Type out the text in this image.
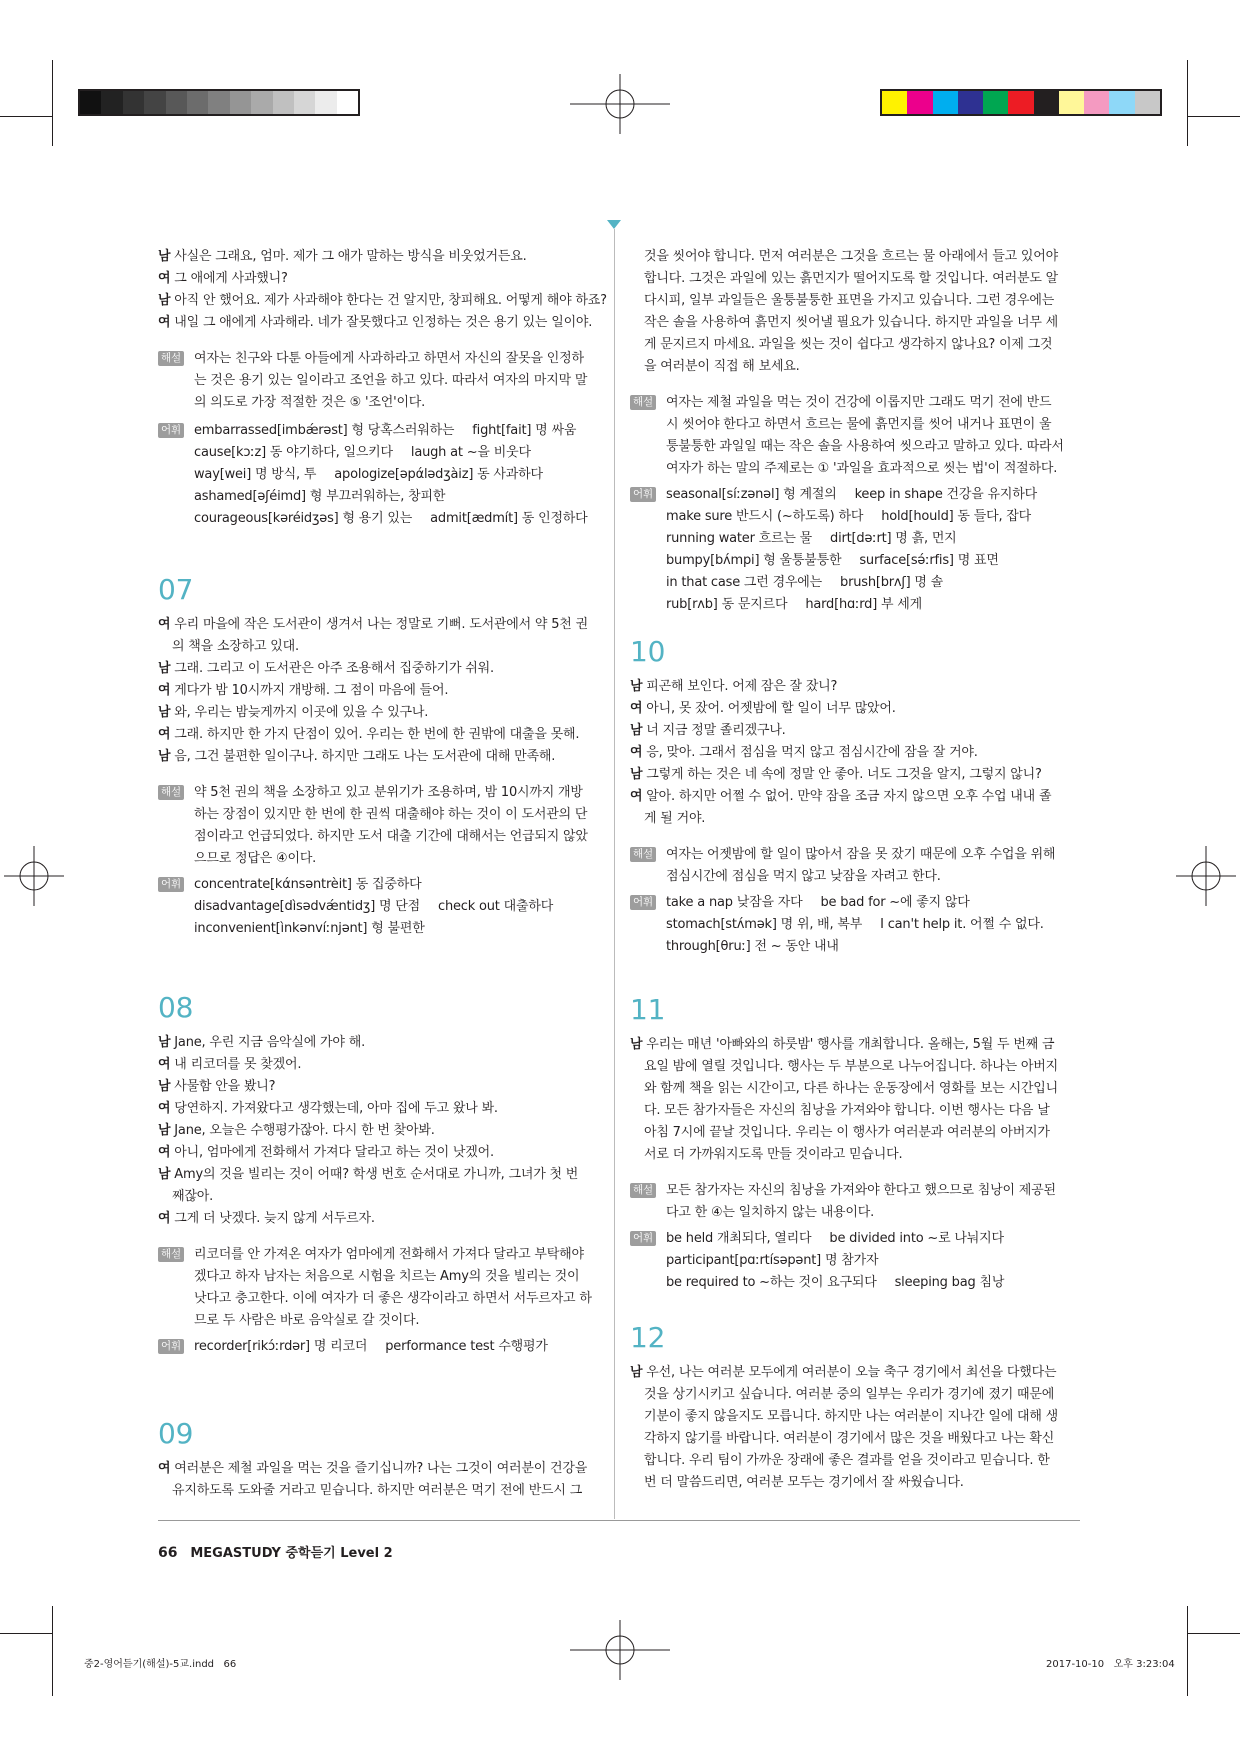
남 사실은 그래요, 엄마. 제가 그 애가 말하는 방식을 비웃었거든요.
여 그 애에게 사과했니?
남 아직 안 했어요. 제가 사과해야 한다는 건 알지만, 창피해요. 어떻게 해야 하죠?
여 내일 그 애에게 사과해라. 네가 잘못했다고 인정하는 것은 용기 있는 일이야.
해설 여자는 친구와 다툰 아들에게 사과하라고 하면서 자신의 잘못을 인정하
는 것은 용기 있는 일이라고 조언을 하고 있다. 따라서 여자의 마지막 말
의 의도로 가장 적절한 것은 ⑤ '조언'이다.
어휘 embarrassed[imbǽrəst] 형 당혹스러워하는 fight[fait] 명 싸움
cause[kɔːz] 동 야기하다, 일으키다 laugh at ~을 비웃다
way[wei] 명 방식, 투 apologize[əpάlədʒàiz] 동 사과하다
ashamed[əʃéimd] 형 부끄러워하는, 창피한
courageous[kəréidʒəs] 형 용기 있는 admit[ædmít] 동 인정하다
07
여 우리 마을에 작은 도서관이 생겨서 나는 정말로 기뻐. 도서관에서 약 5천 권
의 책을 소장하고 있대.
남 그래. 그리고 이 도서관은 아주 조용해서 집중하기가 쉬워.
여 게다가 밤 10시까지 개방해. 그 점이 마음에 들어.
남 와, 우리는 밤늦게까지 이곳에 있을 수 있구나.
여 그래. 하지만 한 가지 단점이 있어. 우리는 한 번에 한 권밖에 대출을 못해.
남 음, 그건 불편한 일이구나. 하지만 그래도 나는 도서관에 대해 만족해.
해설 약 5천 권의 책을 소장하고 있고 분위기가 조용하며, 밤 10시까지 개방
하는 장점이 있지만 한 번에 한 권씩 대출해야 하는 것이 이 도서관의 단
점이라고 언급되었다. 하지만 도서 대출 기간에 대해서는 언급되지 않았
으므로 정답은 ④이다.
어휘 concentrate[kάnsəntrèit] 동 집중하다
disadvantage[dìsədvǽntidʒ] 명 단점 check out 대출하다
inconvenient[ìnkənvíːnjənt] 형 불편한
08
남 Jane, 우린 지금 음악실에 가야 해.
여 내 리코더를 못 찾겠어.
남 사물함 안을 봤니?
여 당연하지. 가져왔다고 생각했는데, 아마 집에 두고 왔나 봐.
남 Jane, 오늘은 수행평가잖아. 다시 한 번 찾아봐.
여 아니, 엄마에게 전화해서 가져다 달라고 하는 것이 낫겠어.
남 Amy의 것을 빌리는 것이 어때? 학생 번호 순서대로 가니까, 그녀가 첫 번
째잖아.
여 그게 더 낫겠다. 늦지 않게 서두르자.
해설 리코더를 안 가져온 여자가 엄마에게 전화해서 가져다 달라고 부탁해야
겠다고 하자 남자는 처음으로 시험을 치르는 Amy의 것을 빌리는 것이
낫다고 충고한다. 이에 여자가 더 좋은 생각이라고 하면서 서두르자고 하
므로 두 사람은 바로 음악실로 갈 것이다.
어휘 recorder[rikɔ́ːrdər] 명 리코더 performance test 수행평가
09
여 여러분은 제철 과일을 먹는 것을 즐기십니까? 나는 그것이 여러분이 건강을
유지하도록 도와줄 거라고 믿습니다. 하지만 여러분은 먹기 전에 반드시 그
것을 씻어야 합니다. 먼저 여러분은 그것을 흐르는 물 아래에서 들고 있어야
합니다. 그것은 과일에 있는 흙먼지가 떨어지도록 할 것입니다. 여러분도 알
다시피, 일부 과일들은 울퉁불퉁한 표면을 가지고 있습니다. 그런 경우에는
작은 솔을 사용하여 흙먼지 씻어낼 필요가 있습니다. 하지만 과일을 너무 세
게 문지르지 마세요. 과일을 씻는 것이 쉽다고 생각하지 않나요? 이제 그것
을 여러분이 직접 해 보세요.
해설 여자는 제철 과일을 먹는 것이 건강에 이롭지만 그래도 먹기 전에 반드
시 씻어야 한다고 하면서 흐르는 물에 흙먼지를 씻어 내거나 표면이 울
퉁불퉁한 과일일 때는 작은 솔을 사용하여 씻으라고 말하고 있다. 따라서
여자가 하는 말의 주제로는 ① '과일을 효과적으로 씻는 법'이 적절하다.
어휘 seasonal[síːzənəl] 형 계절의 keep in shape 건강을 유지하다
make sure 반드시 (~하도록) 하다 hold[hould] 동 들다, 잡다
running water 흐르는 물 dirt[dəːrt] 명 흙, 먼지
bumpy[bʌ́mpi] 형 울퉁불퉁한 surface[sə́ːrfis] 명 표면
in that case 그런 경우에는 brush[brʌʃ] 명 솔
rub[rʌb] 동 문지르다 hard[hɑːrd] 부 세게
10
남 피곤해 보인다. 어제 잠은 잘 잤니?
여 아니, 못 잤어. 어젯밤에 할 일이 너무 많았어.
남 너 지금 정말 졸리겠구나.
여 응, 맞아. 그래서 점심을 먹지 않고 점심시간에 잠을 잘 거야.
남 그렇게 하는 것은 네 속에 정말 안 좋아. 너도 그것을 알지, 그렇지 않니?
여 알아. 하지만 어쩔 수 없어. 만약 잠을 조금 자지 않으면 오후 수업 내내 졸
게 될 거야.
해설 여자는 어젯밤에 할 일이 많아서 잠을 못 잤기 때문에 오후 수업을 위해
점심시간에 점심을 먹지 않고 낮잠을 자려고 한다.
어휘 take a nap 낮잠을 자다 be bad for ~에 좋지 않다
stomach[stʌ́mək] 명 위, 배, 복부 I can't help it. 어쩔 수 없다.
through[θruː] 전 ~ 동안 내내
11
남 우리는 매년 '아빠와의 하룻밤' 행사를 개최합니다. 올해는, 5월 두 번째 금
요일 밤에 열릴 것입니다. 행사는 두 부분으로 나누어집니다. 하나는 아버지
와 함께 책을 읽는 시간이고, 다른 하나는 운동장에서 영화를 보는 시간입니
다. 모든 참가자들은 자신의 침낭을 가져와야 합니다. 이번 행사는 다음 날
아침 7시에 끝날 것입니다. 우리는 이 행사가 여러분과 여러분의 아버지가
서로 더 가까워지도록 만들 것이라고 믿습니다.
해설 모든 참가자는 자신의 침낭을 가져와야 한다고 했으므로 침낭이 제공된
다고 한 ④는 일치하지 않는 내용이다.
어휘 be held 개최되다, 열리다 be divided into ~로 나눠지다
participant[pɑːrtísəpənt] 명 참가자
be required to ~하는 것이 요구되다 sleeping bag 침낭
12
남 우선, 나는 여러분 모두에게 여러분이 오늘 축구 경기에서 최선을 다했다는
것을 상기시키고 싶습니다. 여러분 중의 일부는 우리가 경기에 졌기 때문에
기분이 좋지 않을지도 모릅니다. 하지만 나는 여러분이 지나간 일에 대해 생
각하지 않기를 바랍니다. 여러분이 경기에서 많은 것을 배웠다고 나는 확신
합니다. 우리 팀이 가까운 장래에 좋은 결과를 얻을 것이라고 믿습니다. 한
번 더 말씀드리면, 여러분 모두는 경기에서 잘 싸웠습니다.
66 MEGASTUDY 중학듣기 Level 2
중2-영어듣기(해설)-5교.indd   66	2017-10-10   오후 3:23:04
